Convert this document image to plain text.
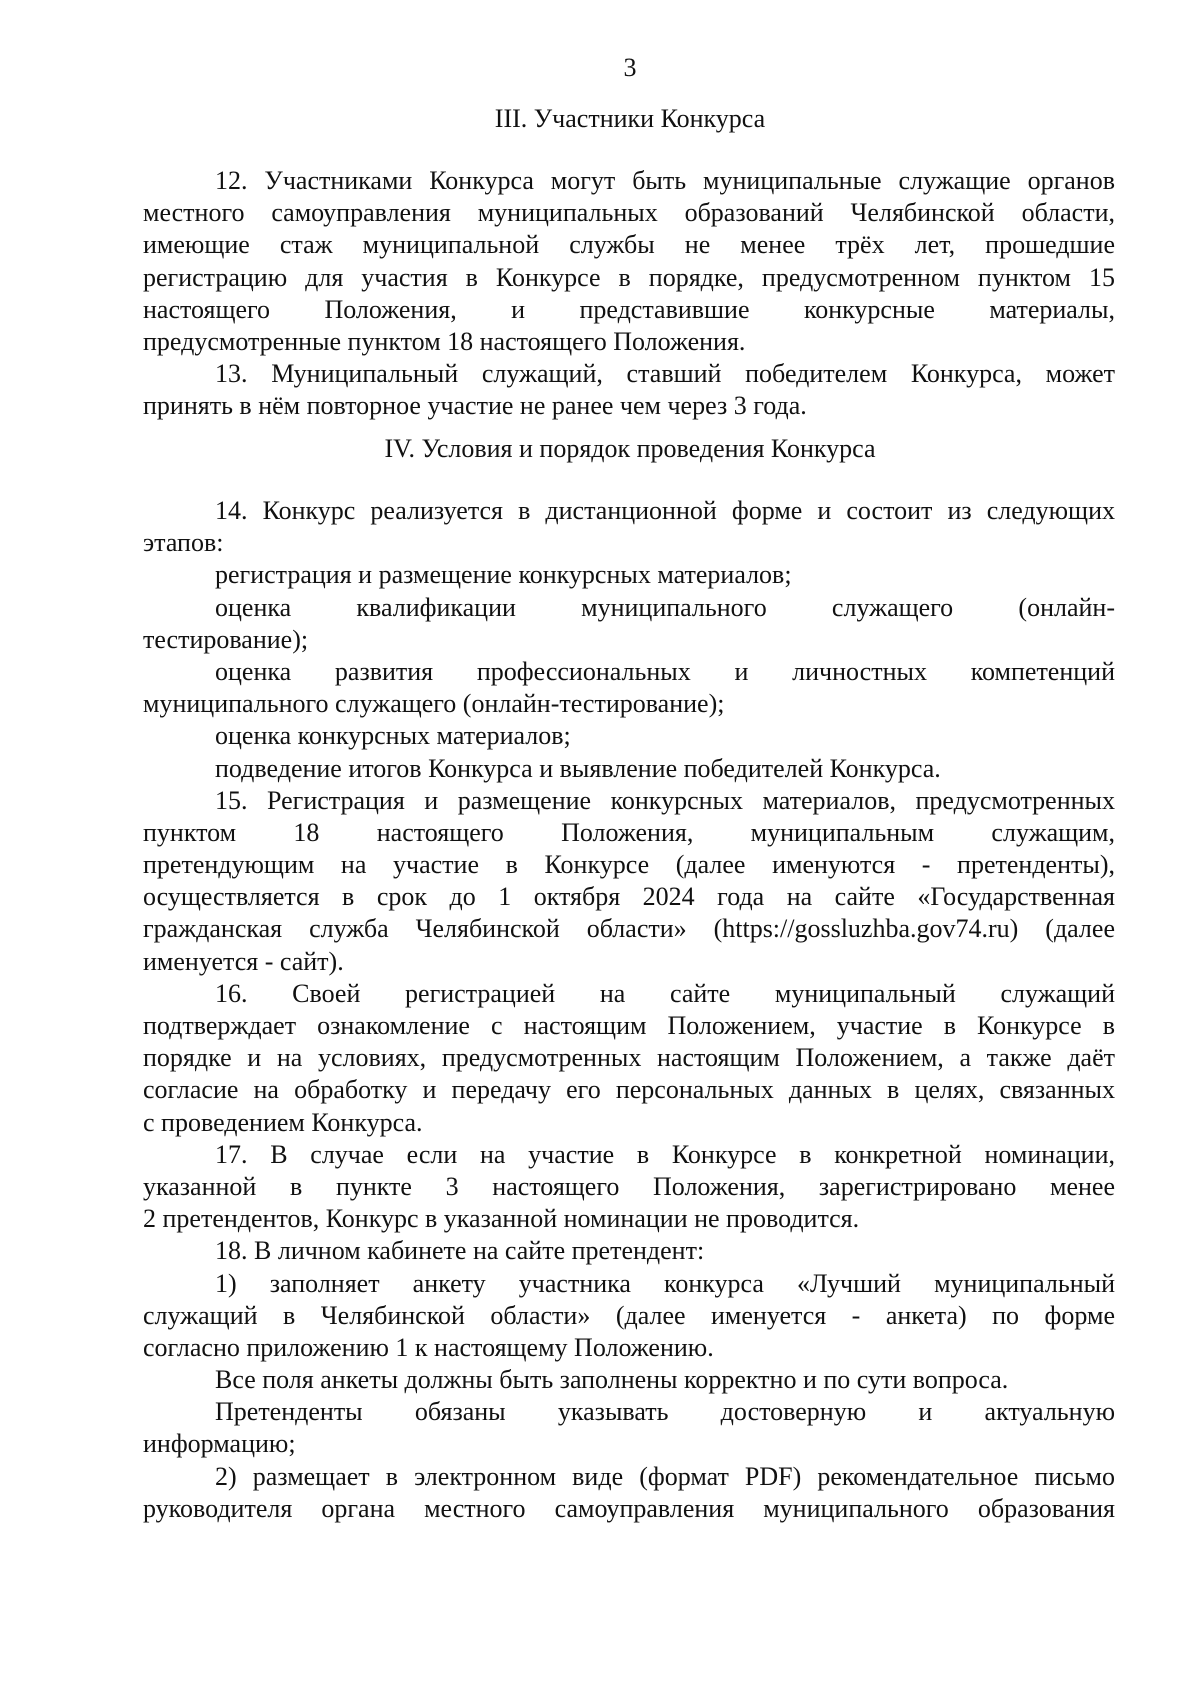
3
III. Участники Конкурса
12. Участниками Конкурса могут быть муниципальные служащие органов
местного самоуправления муниципальных образований Челябинской области,
имеющие стаж муниципальной службы не менее трёх лет, прошедшие
регистрацию для участия в Конкурсе в порядке, предусмотренном пунктом 15
настоящего Положения, и представившие конкурсные материалы,
предусмотренные пунктом 18 настоящего Положения.
13. Муниципальный служащий, ставший победителем Конкурса, может
принять в нём повторное участие не ранее чем через 3 года.
IV. Условия и порядок проведения Конкурса
14. Конкурс реализуется в дистанционной форме и состоит из следующих
этапов:
регистрация и размещение конкурсных материалов;
оценка квалификации муниципального служащего (онлайн-
тестирование);
оценка развития профессиональных и личностных компетенций
муниципального служащего (онлайн-тестирование);
оценка конкурсных материалов;
подведение итогов Конкурса и выявление победителей Конкурса.
15. Регистрация и размещение конкурсных материалов, предусмотренных
пунктом 18 настоящего Положения, муниципальным служащим,
претендующим на участие в Конкурсе (далее именуются - претенденты),
осуществляется в срок до 1 октября 2024 года на сайте «Государственная
гражданская служба Челябинской области» (https://gossluzhba.gov74.ru) (далее
именуется - сайт).
16. Своей регистрацией на сайте муниципальный служащий
подтверждает ознакомление с настоящим Положением, участие в Конкурсе в
порядке и на условиях, предусмотренных настоящим Положением, а также даёт
согласие на обработку и передачу его персональных данных в целях, связанных
с проведением Конкурса.
17. В случае если на участие в Конкурсе в конкретной номинации,
указанной в пункте 3 настоящего Положения, зарегистрировано менее
2 претендентов, Конкурс в указанной номинации не проводится.
18. В личном кабинете на сайте претендент:
1) заполняет анкету участника конкурса «Лучший муниципальный
служащий в Челябинской области» (далее именуется - анкета) по форме
согласно приложению 1 к настоящему Положению.
Все поля анкеты должны быть заполнены корректно и по сути вопроса.
Претенденты обязаны указывать достоверную и актуальную
информацию;
2) размещает в электронном виде (формат PDF) рекомендательное письмо
руководителя органа местного самоуправления муниципального образования
